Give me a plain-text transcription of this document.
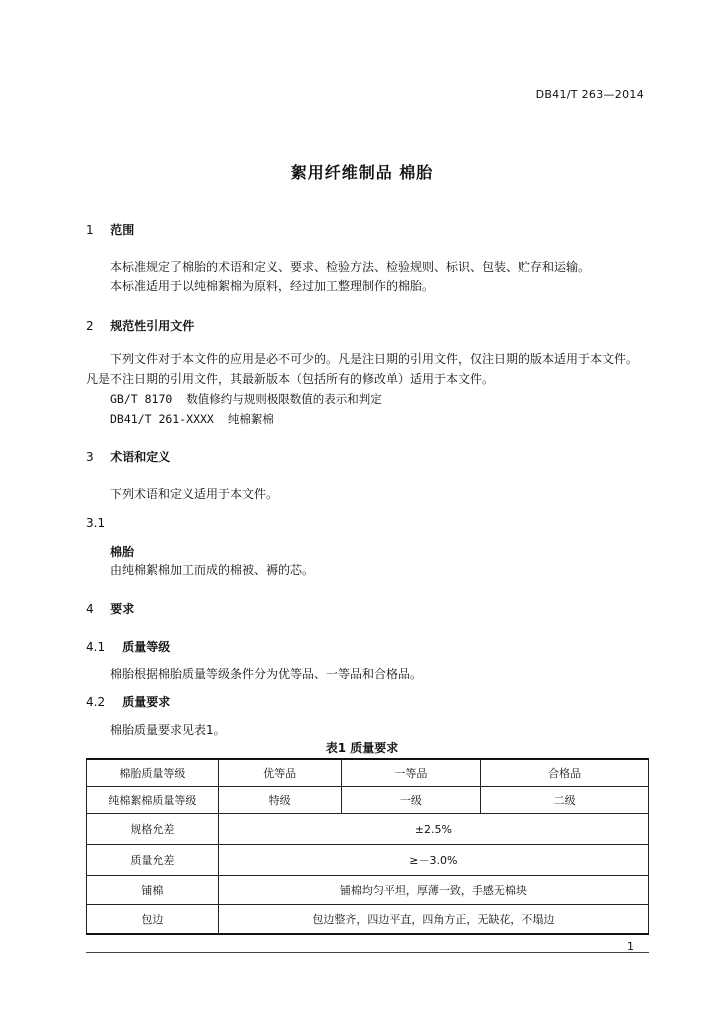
DB41/T 263—2014
絮用纤维制品 棉胎
1 范围
本标准规定了棉胎的术语和定义、要求、检验方法、检验规则、标识、包装、贮存和运输。
本标准适用于以纯棉絮棉为原料，经过加工整理制作的棉胎。
2 规范性引用文件
下列文件对于本文件的应用是必不可少的。凡是注日期的引用文件，仅注日期的版本适用于本文件。凡是不注日期的引用文件，其最新版本（包括所有的修改单）适用于本文件。
GB/T 8170 数值修约与规则极限数值的表示和判定
DB41/T 261-XXXX 纯棉絮棉
3 术语和定义
下列术语和定义适用于本文件。
3.1
棉胎
由纯棉絮棉加工而成的棉被、褥的芯。
4 要求
4.1 质量等级
棉胎根据棉胎质量等级条件分为优等品、一等品和合格品。
4.2 质量要求
棉胎质量要求见表1。
表1 质量要求
棉胎质量等级	优等品	一等品	合格品
纯棉絮棉质量等级	特级	一级	二级
规格允差	±2.5%		
质量允差	≥－3.0%		
铺棉	铺棉均匀平坦，厚薄一致，手感无棉块		
包边	包边整齐，四边平直，四角方正，无缺花，不塌边		
1
